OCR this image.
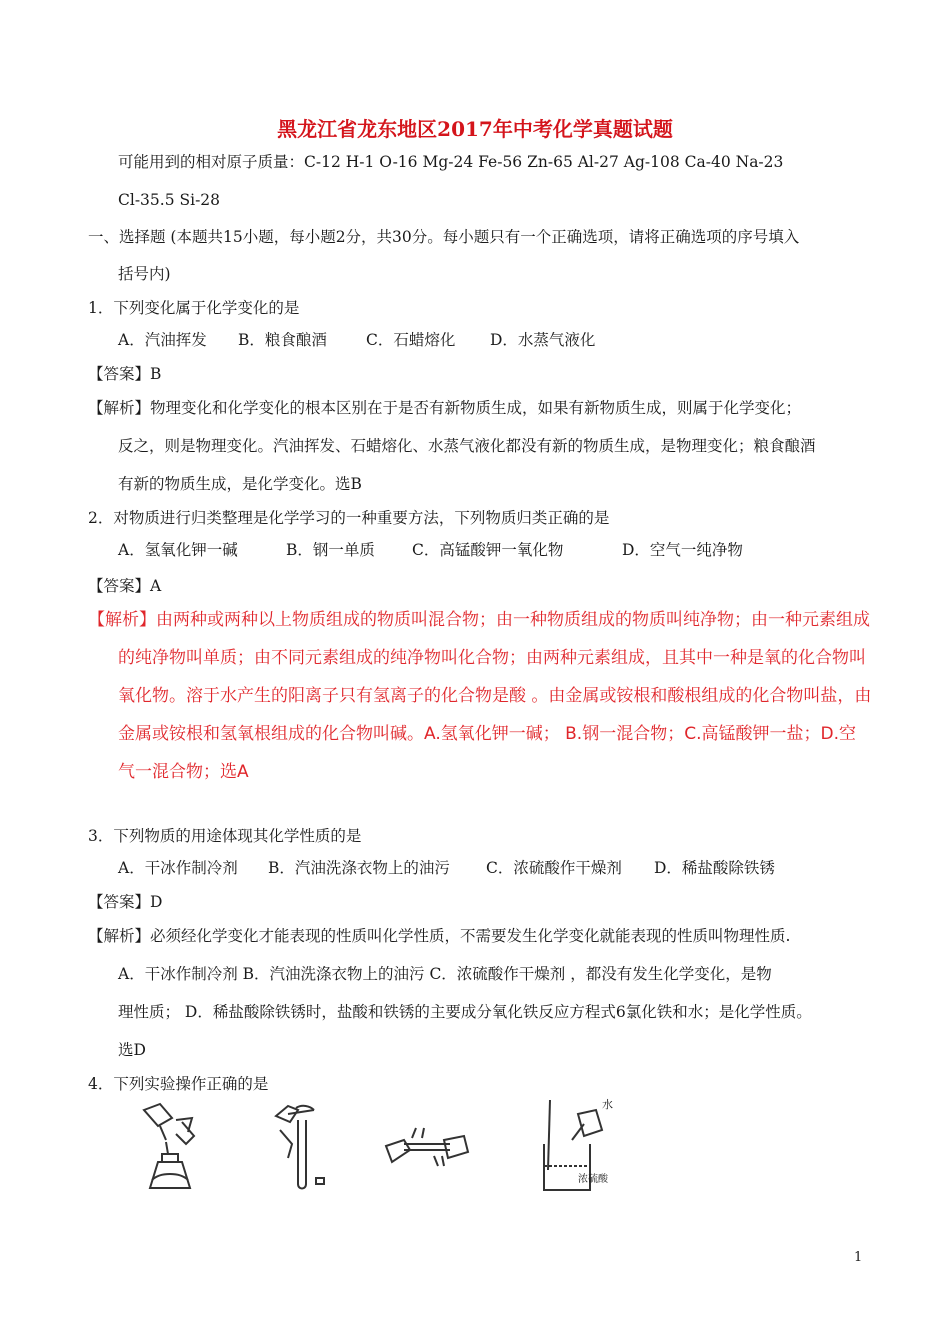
黑龙江省龙东地区2017年中考化学真题试题
可能用到的相对原子质量：C-12 H-1 O-16 Mg-24 Fe-56 Zn-65 Al-27 Ag-108 Ca-40 Na-23
Cl-35.5 Si-28
一、选择题 (本题共15小题，每小题2分，共30分。每小题只有一个正确选项，请将正确选项的序号填入
括号内)
1．下列变化属于化学变化的是
A．汽油挥发 B．粮食酿酒	C．石蜡熔化 D．水蒸气液化
【答案】B
【解析】物理变化和化学变化的根本区别在于是否有新物质生成，如果有新物质生成，则属于化学变化；
反之，则是物理变化。汽油挥发、石蜡熔化、水蒸气液化都没有新的物质生成，是物理变化；粮食酿酒
有新的物质生成，是化学变化。选B
2．对物质进行归类整理是化学学习的一种重要方法，下列物质归类正确的是
A．氢氧化钾一碱	B．钢一单质 C．高锰酸钾一氧化物	D．空气一纯净物
【答案】A
【解析】由两种或两种以上物质组成的物质叫混合物；由一种物质组成的物质叫纯净物；由一种元素组成
的纯净物叫单质；由不同元素组成的纯净物叫化合物；由两种元素组成，且其中一种是氧的化合物叫
氧化物。溶于水产生的阳离子只有氢离子的化合物是酸 。由金属或铵根和酸根组成的化合物叫盐，由
金属或铵根和氢氧根组成的化合物叫碱。A.氢氧化钾一碱； B.钢一混合物；C.高锰酸钾一盐；D.空
气一混合物；选A
3．下列物质的用途体现其化学性质的是
A．干冰作制冷剂 B．汽油洗涤衣物上的油污 C．浓硫酸作干燥剂 D．稀盐酸除铁锈
【答案】D
【解析】必须经化学变化才能表现的性质叫化学性质，不需要发生化学变化就能表现的性质叫物理性质.
A．干冰作制冷剂 B．汽油洗涤衣物上的油污 C．浓硫酸作干燥剂 ，都没有发生化学变化，是物
理性质； D．稀盐酸除铁锈时，盐酸和铁锈的主要成分氧化铁反应方程式6氯化铁和水；是化学性质。
选D
4．下列实验操作正确的是
水
浓硫酸
1
